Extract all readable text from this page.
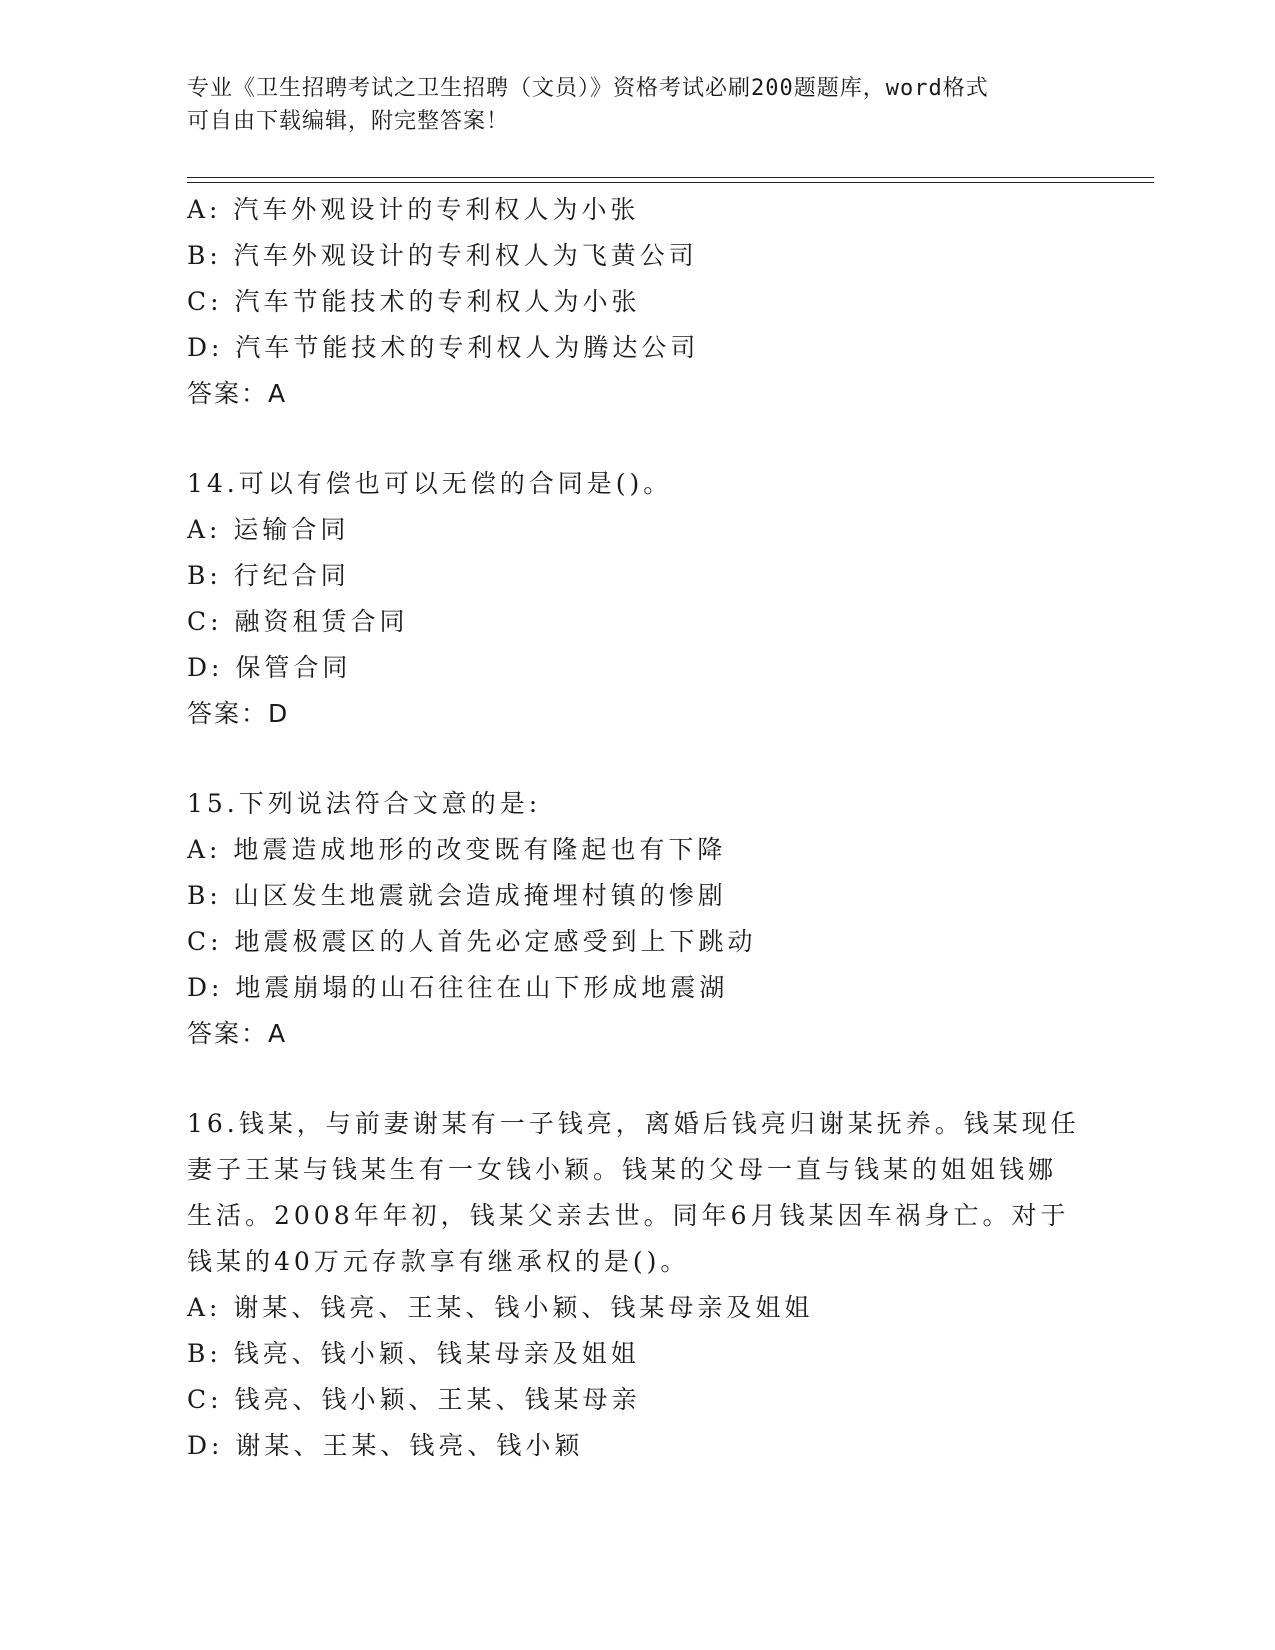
专业《卫生招聘考试之卫生招聘（文员）》资格考试必刷200题题库，word格式
可自由下载编辑，附完整答案！
A: 汽车外观设计的专利权人为小张
B: 汽车外观设计的专利权人为飞黄公司
C: 汽车节能技术的专利权人为小张
D: 汽车节能技术的专利权人为腾达公司
答案：A
14.可以有偿也可以无偿的合同是()。
A: 运输合同
B: 行纪合同
C: 融资租赁合同
D: 保管合同
答案：D
15.下列说法符合文意的是:
A: 地震造成地形的改变既有隆起也有下降
B: 山区发生地震就会造成掩埋村镇的惨剧
C: 地震极震区的人首先必定感受到上下跳动
D: 地震崩塌的山石往往在山下形成地震湖
答案：A
16.钱某，与前妻谢某有一子钱亮，离婚后钱亮归谢某抚养。钱某现任
妻子王某与钱某生有一女钱小颖。钱某的父母一直与钱某的姐姐钱娜
生活。2008年年初，钱某父亲去世。同年6月钱某因车祸身亡。对于
钱某的40万元存款享有继承权的是()。
A: 谢某、钱亮、王某、钱小颖、钱某母亲及姐姐
B: 钱亮、钱小颖、钱某母亲及姐姐
C: 钱亮、钱小颖、王某、钱某母亲
D: 谢某、王某、钱亮、钱小颖
